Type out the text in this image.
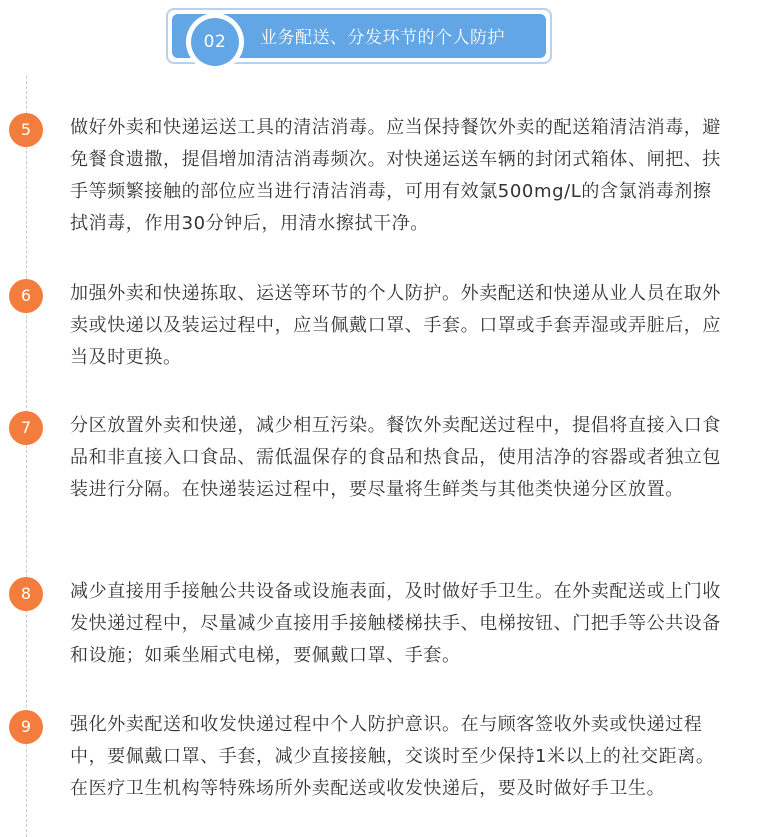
02	业务配送、分发环节的个人防护
5	做好外卖和快递运送工具的清洁消毒。应当保持餐饮外卖的配送箱清洁消毒，避免餐食遗撒，提倡增加清洁消毒频次。对快递运送车辆的封闭式箱体、闸把、扶手等频繁接触的部位应当进行清洁消毒，可用有效氯500mg/L的含氯消毒剂擦拭消毒，作用30分钟后，用清水擦拭干净。
6	加强外卖和快递拣取、运送等环节的个人防护。外卖配送和快递从业人员在取外卖或快递以及装运过程中，应当佩戴口罩、手套。口罩或手套弄湿或弄脏后，应当及时更换。
7	分区放置外卖和快递，减少相互污染。餐饮外卖配送过程中，提倡将直接入口食品和非直接入口食品、需低温保存的食品和热食品，使用洁净的容器或者独立包装进行分隔。在快递装运过程中，要尽量将生鲜类与其他类快递分区放置。
8	减少直接用手接触公共设备或设施表面，及时做好手卫生。在外卖配送或上门收发快递过程中，尽量减少直接用手接触楼梯扶手、电梯按钮、门把手等公共设备和设施；如乘坐厢式电梯，要佩戴口罩、手套。
9	强化外卖配送和收发快递过程中个人防护意识。在与顾客签收外卖或快递过程中，要佩戴口罩、手套，减少直接接触，交谈时至少保持1米以上的社交距离。在医疗卫生机构等特殊场所外卖配送或收发快递后，要及时做好手卫生。
